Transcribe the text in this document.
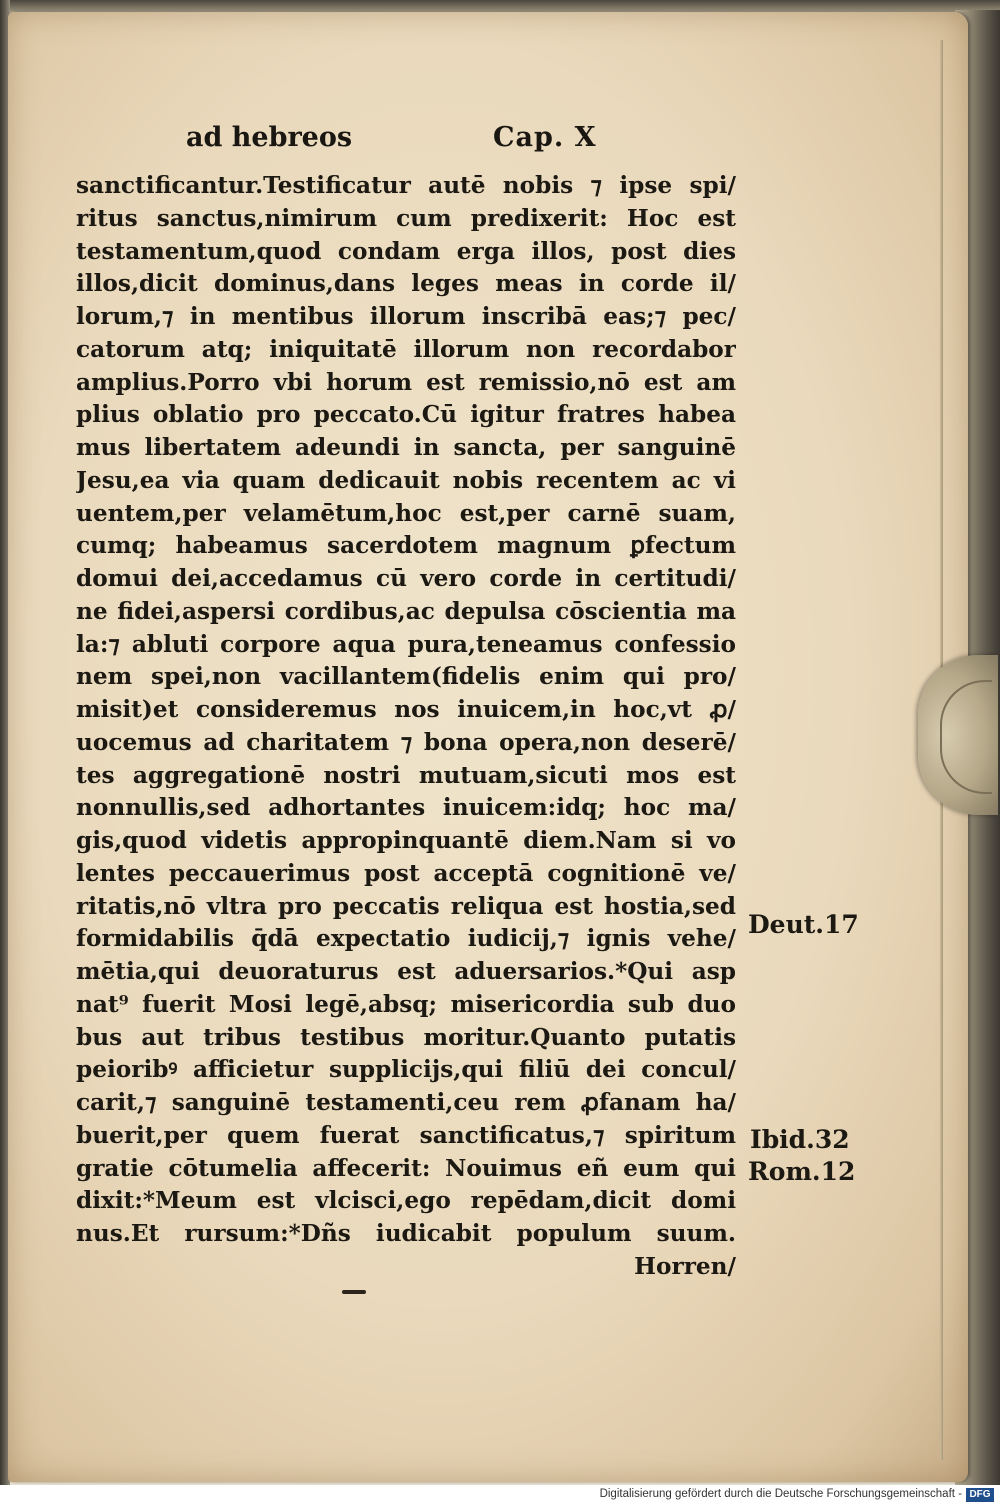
ad hebreos	Cap. X
sanctificantur.Testificatur autē nobis ⁊ ipse spi/
ritus sanctus,nimirum cum predixerit: Hoc est
testamentum,quod condam erga illos, post dies
illos,dicit dominus,dans leges meas in corde il/
lorum,⁊ in mentibus illorum inscribā eas;⁊ pec/
catorum atq; iniquitatē illorum non recordabor
amplius.Porro vbi horum est remissio,nō est am
plius oblatio pro peccato.Cū igitur fratres habea
mus libertatem adeundi in sancta, per sanguinē
Jesu,ea via quam dedicauit nobis recentem ac vi
uentem,per velamētum,hoc est,per carnē suam,
cumq; habeamus sacerdotem magnum ꝑfectum
domui dei,accedamus cū vero corde in certitudi/
ne fidei,aspersi cordibus,ac depulsa cōscientia ma
la:⁊ abluti corpore aqua pura,teneamus confessio
nem spei,non vacillantem(fidelis enim qui pro/
misit)et consideremus nos inuicem,in hoc,vt ꝓ/
uocemus ad charitatem ⁊ bona opera,non deserē/
tes aggregationē nostri mutuam,sicuti mos est
nonnullis,sed adhortantes inuicem:idq; hoc ma/
gis,quod videtis appropinquantē diem.Nam si vo
lentes peccauerimus post acceptā cognitionē ve/
ritatis,nō vltra pro peccatis reliqua est hostia,sed
formidabilis q̄dā expectatio iudicij,⁊ ignis vehe/
mētia,qui deuoraturus est aduersarios.*Qui asp
nat⁹ fuerit Mosi legē,absq; misericordia sub duo
bus aut tribus testibus moritur.Quanto putatis
peioribꝰ afficietur supplicijs,qui filiū dei concul/
carit,⁊ sanguinē testamenti,ceu rem ꝓfanam ha/
buerit,per quem fuerat sanctificatus,⁊ spiritum
gratie cōtumelia affecerit: Nouimus eñ eum qui
dixit:*Meum est vlcisci,ego repēdam,dicit domi
nus.Et rursum:*Dñs iudicabit populum suum.
Horren/
Deut.17
Ibid.32
Rom.12
Digitalisierung gefördert durch die Deutsche Forschungsgemeinschaft - DFG
